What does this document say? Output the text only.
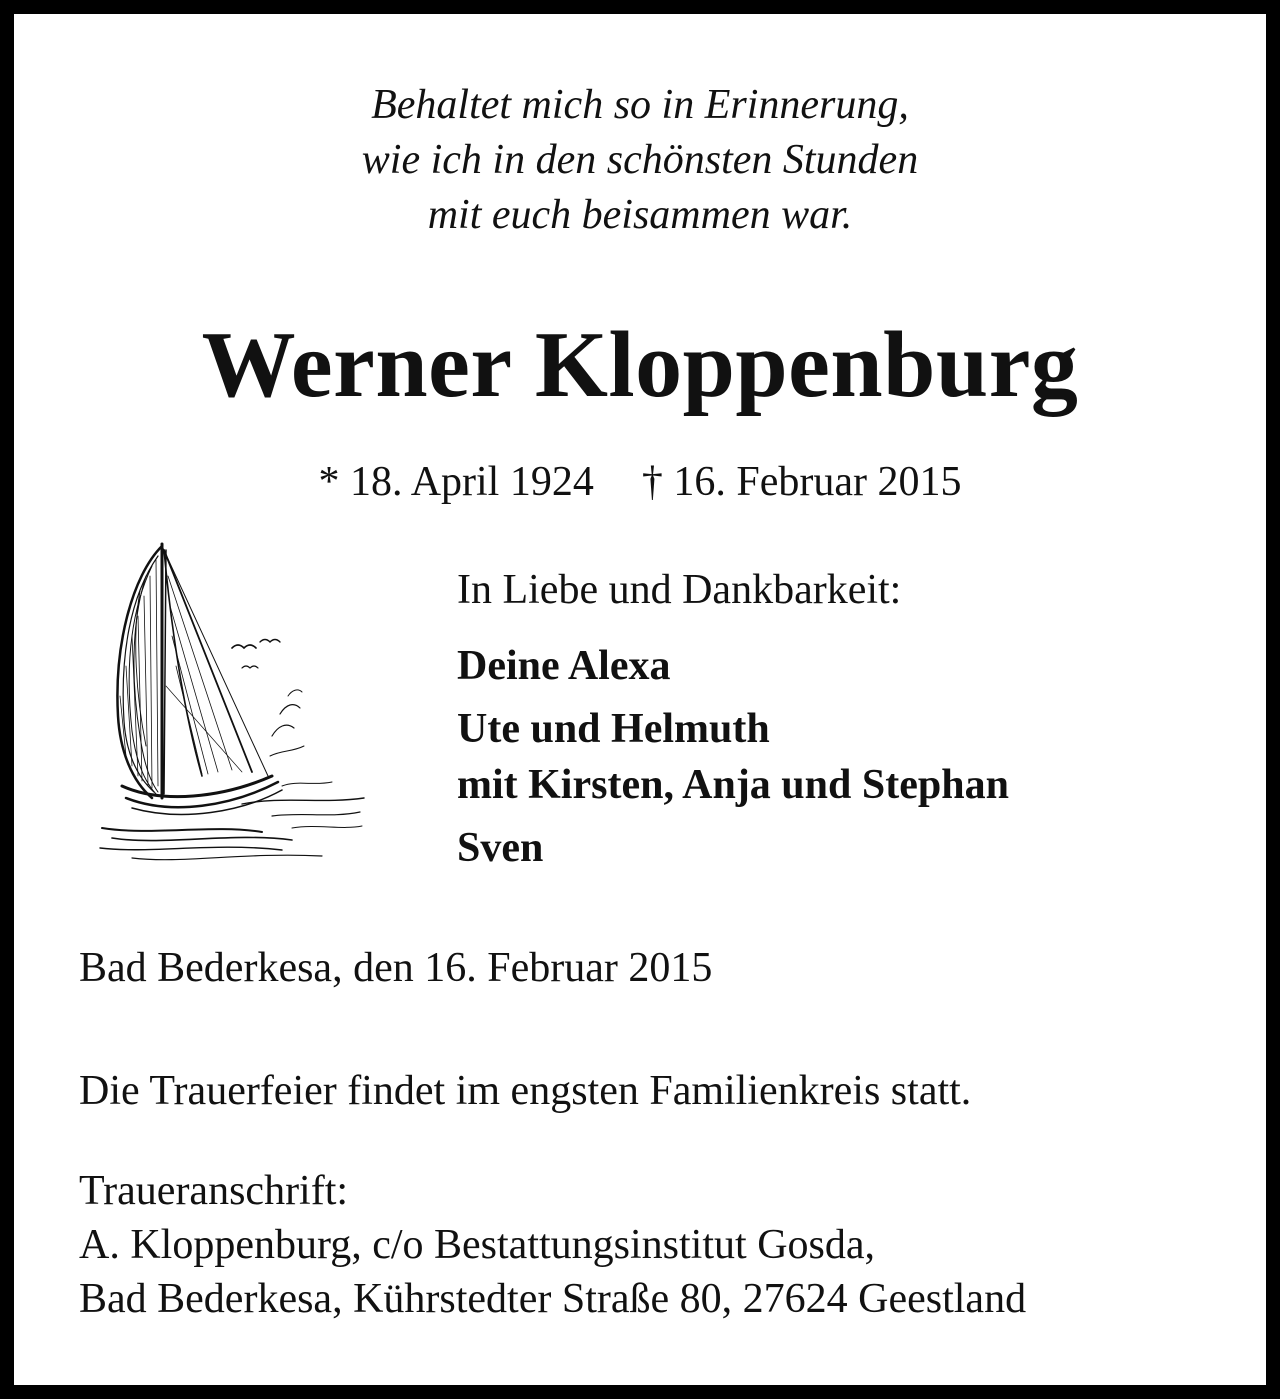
Behaltet mich so in Erinnerung,
wie ich in den schönsten Stunden
mit euch beisammen war.
Werner Kloppenburg
* 18. April 1924 † 16. Februar 2015
In Liebe und Dankbarkeit:
Deine Alexa
Ute und Helmuth
mit Kirsten, Anja und Stephan
Sven
Bad Bederkesa, den 16. Februar 2015
Die Trauerfeier findet im engsten Familienkreis statt.
Traueranschrift:
A. Kloppenburg, c/o Bestattungsinstitut Gosda,
Bad Bederkesa, Kührstedter Straße 80, 27624 Geestland
